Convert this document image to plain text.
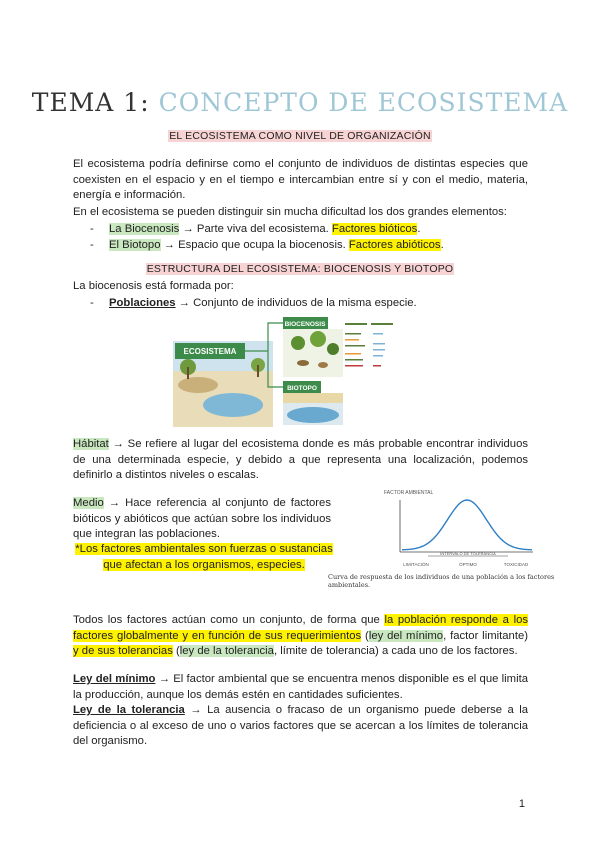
TEMA 1: CONCEPTO DE ECOSISTEMA
EL ECOSISTEMA COMO NIVEL DE ORGANIZACIÓN
El ecosistema podría definirse como el conjunto de individuos de distintas especies que coexisten en el espacio y en el tiempo e intercambian entre sí y con el medio, materia, energía e información.
En el ecosistema se pueden distinguir sin mucha dificultad los dos grandes elementos:
- La Biocenosis → Parte viva del ecosistema. Factores bióticos.
- El Biotopo → Espacio que ocupa la biocenosis. Factores abióticos.
ESTRUCTURA DEL ECOSISTEMA: BIOCENOSIS Y BIOTOPO
La biocenosis está formada por:
- Poblaciones → Conjunto de individuos de la misma especie.
ECOSISTEMA
BIOCENOSIS
BIOTOPO
Hábitat → Se refiere al lugar del ecosistema donde es más probable encontrar individuos de una determinada especie, y debido a que representa una localización, podemos definirlo a distintos niveles o escalas.
Medio → Hace referencia al conjunto de factores bióticos y abióticos que actúan sobre los individuos que integran las poblaciones.
*Los factores ambientales son fuerzas o sustancias que afectan a los organismos, especies.
FACTOR AMBIENTAL
INTERVALO DE TOLERANCIA
LIMITACIÓN	ÓPTIMO	TOXICIDAD
Curva de respuesta de los individuos de una población a los factores ambientales.
Todos los factores actúan como un conjunto, de forma que la población responde a los factores globalmente y en función de sus requerimientos (ley del mínimo, factor limitante) y de sus tolerancias (ley de la tolerancia, límite de tolerancia) a cada uno de los factores.
Ley del mínimo → El factor ambiental que se encuentra menos disponible es el que limita la producción, aunque los demás estén en cantidades suficientes.
Ley de la tolerancia → La ausencia o fracaso de un organismo puede deberse a la deficiencia o al exceso de uno o varios factores que se acercan a los límites de tolerancia del organismo.
1
